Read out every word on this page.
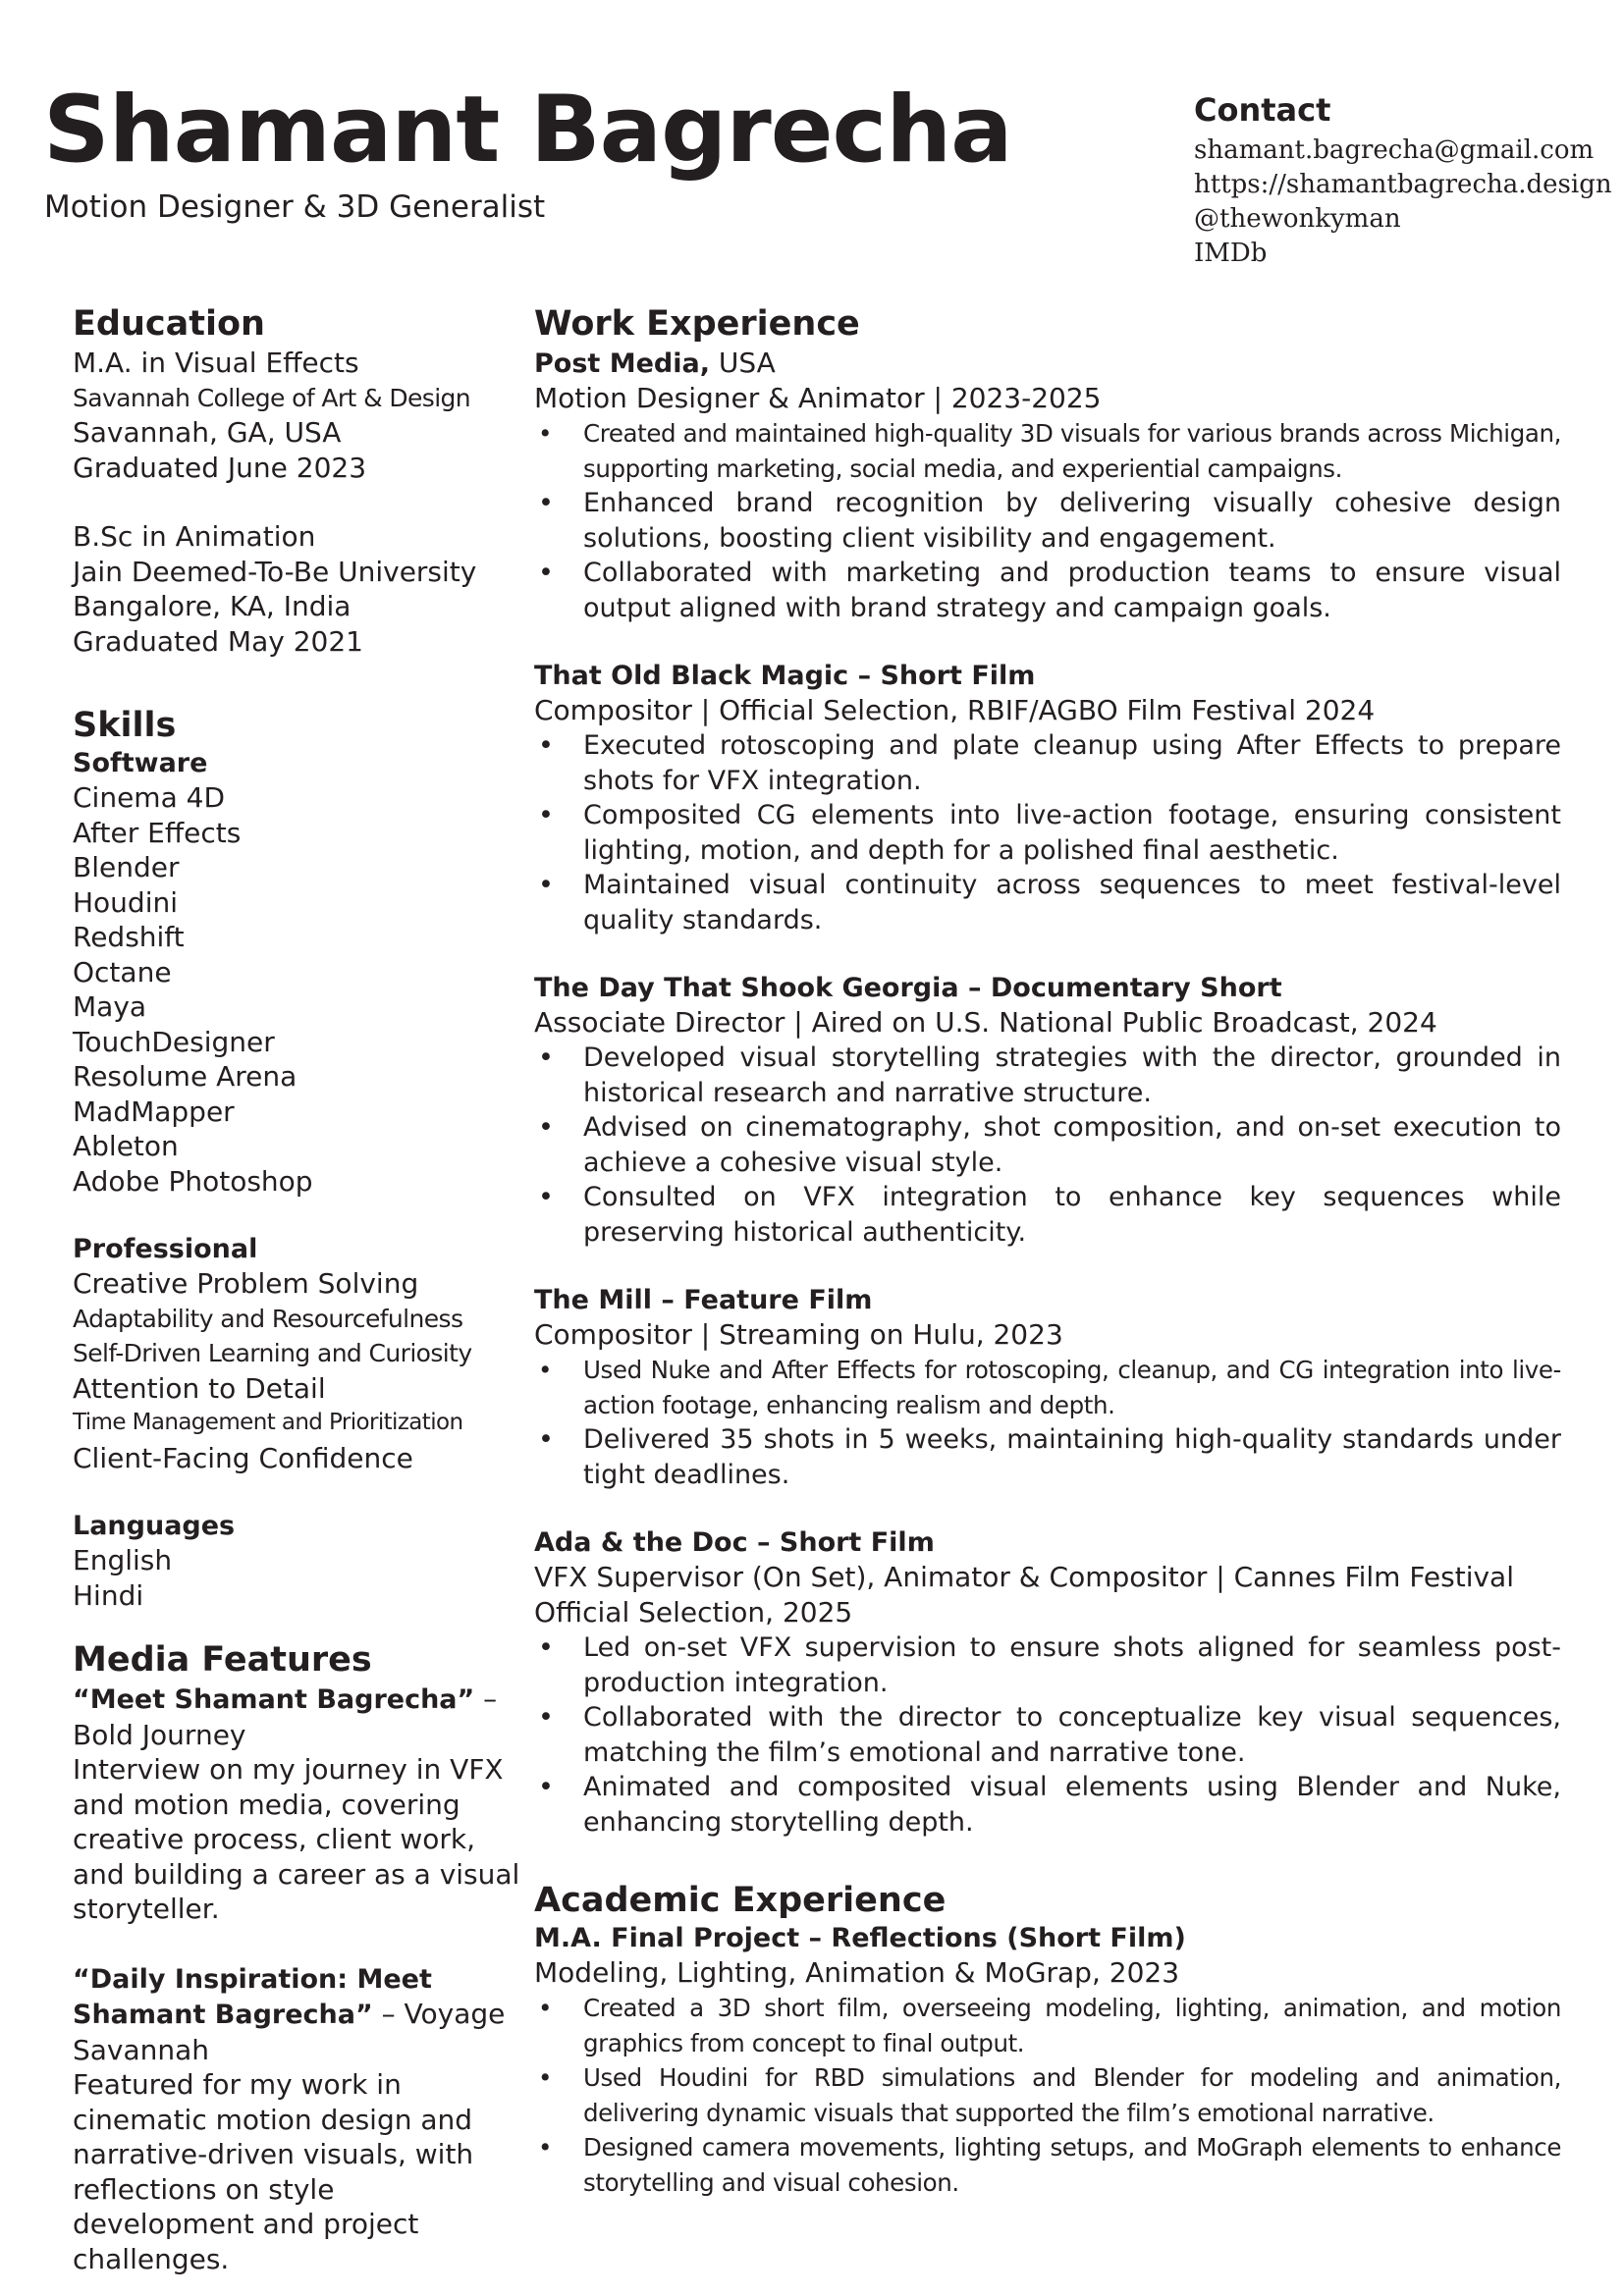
Shamant Bagrecha
Motion Designer & 3D Generalist
Contact
shamant.bagrecha@gmail.com
https://shamantbagrecha.design
@thewonkyman
IMDb
Education
M.A. in Visual Effects
Savannah College of Art & Design
Savannah, GA, USA
Graduated June 2023
B.Sc in Animation
Jain Deemed-To-Be University
Bangalore, KA, India
Graduated May 2021
Skills
Software
Cinema 4D
After Effects
Blender
Houdini
Redshift
Octane
Maya
TouchDesigner
Resolume Arena
MadMapper
Ableton
Adobe Photoshop
Professional
Creative Problem Solving
Adaptability and Resourcefulness
Self-Driven Learning and Curiosity
Attention to Detail
Time Management and Prioritization
Client-Facing Confidence
Languages
English
Hindi
Media Features
“Meet Shamant Bagrecha” – Bold Journey
Interview on my journey in VFX and motion media, covering creative process, client work, and building a career as a visual storyteller.
“Daily Inspiration: Meet Shamant Bagrecha” – Voyage Savannah
Featured for my work in cinematic motion design and narrative-driven visuals, with reflections on style development and project challenges.
Work Experience
Post Media, USA
Motion Designer & Animator | 2023-2025
• Created and maintained high-quality 3D visuals for various brands across Michigan, supporting marketing, social media, and experiential campaigns.
• Enhanced brand recognition by delivering visually cohesive design solutions, boosting client visibility and engagement.
• Collaborated with marketing and production teams to ensure visual output aligned with brand strategy and campaign goals.
That Old Black Magic – Short Film
Compositor | Official Selection, RBIF/AGBO Film Festival 2024
• Executed rotoscoping and plate cleanup using After Effects to prepare shots for VFX integration.
• Composited CG elements into live-action footage, ensuring consistent lighting, motion, and depth for a polished final aesthetic.
• Maintained visual continuity across sequences to meet festival-level quality standards.
The Day That Shook Georgia – Documentary Short
Associate Director | Aired on U.S. National Public Broadcast, 2024
• Developed visual storytelling strategies with the director, grounded in historical research and narrative structure.
• Advised on cinematography, shot composition, and on-set execution to achieve a cohesive visual style.
• Consulted on VFX integration to enhance key sequences while preserving historical authenticity.
The Mill – Feature Film
Compositor | Streaming on Hulu, 2023
• Used Nuke and After Effects for rotoscoping, cleanup, and CG integration into live-action footage, enhancing realism and depth.
• Delivered 35 shots in 5 weeks, maintaining high-quality standards under tight deadlines.
Ada & the Doc – Short Film
VFX Supervisor (On Set), Animator & Compositor | Cannes Film Festival Official Selection, 2025
• Led on-set VFX supervision to ensure shots aligned for seamless post-production integration.
• Collaborated with the director to conceptualize key visual sequences, matching the film’s emotional and narrative tone.
• Animated and composited visual elements using Blender and Nuke, enhancing storytelling depth.
Academic Experience
M.A. Final Project – Reflections (Short Film)
Modeling, Lighting, Animation & MoGrap, 2023
• Created a 3D short film, overseeing modeling, lighting, animation, and motion graphics from concept to final output.
• Used Houdini for RBD simulations and Blender for modeling and animation, delivering dynamic visuals that supported the film’s emotional narrative.
• Designed camera movements, lighting setups, and MoGraph elements to enhance storytelling and visual cohesion.
